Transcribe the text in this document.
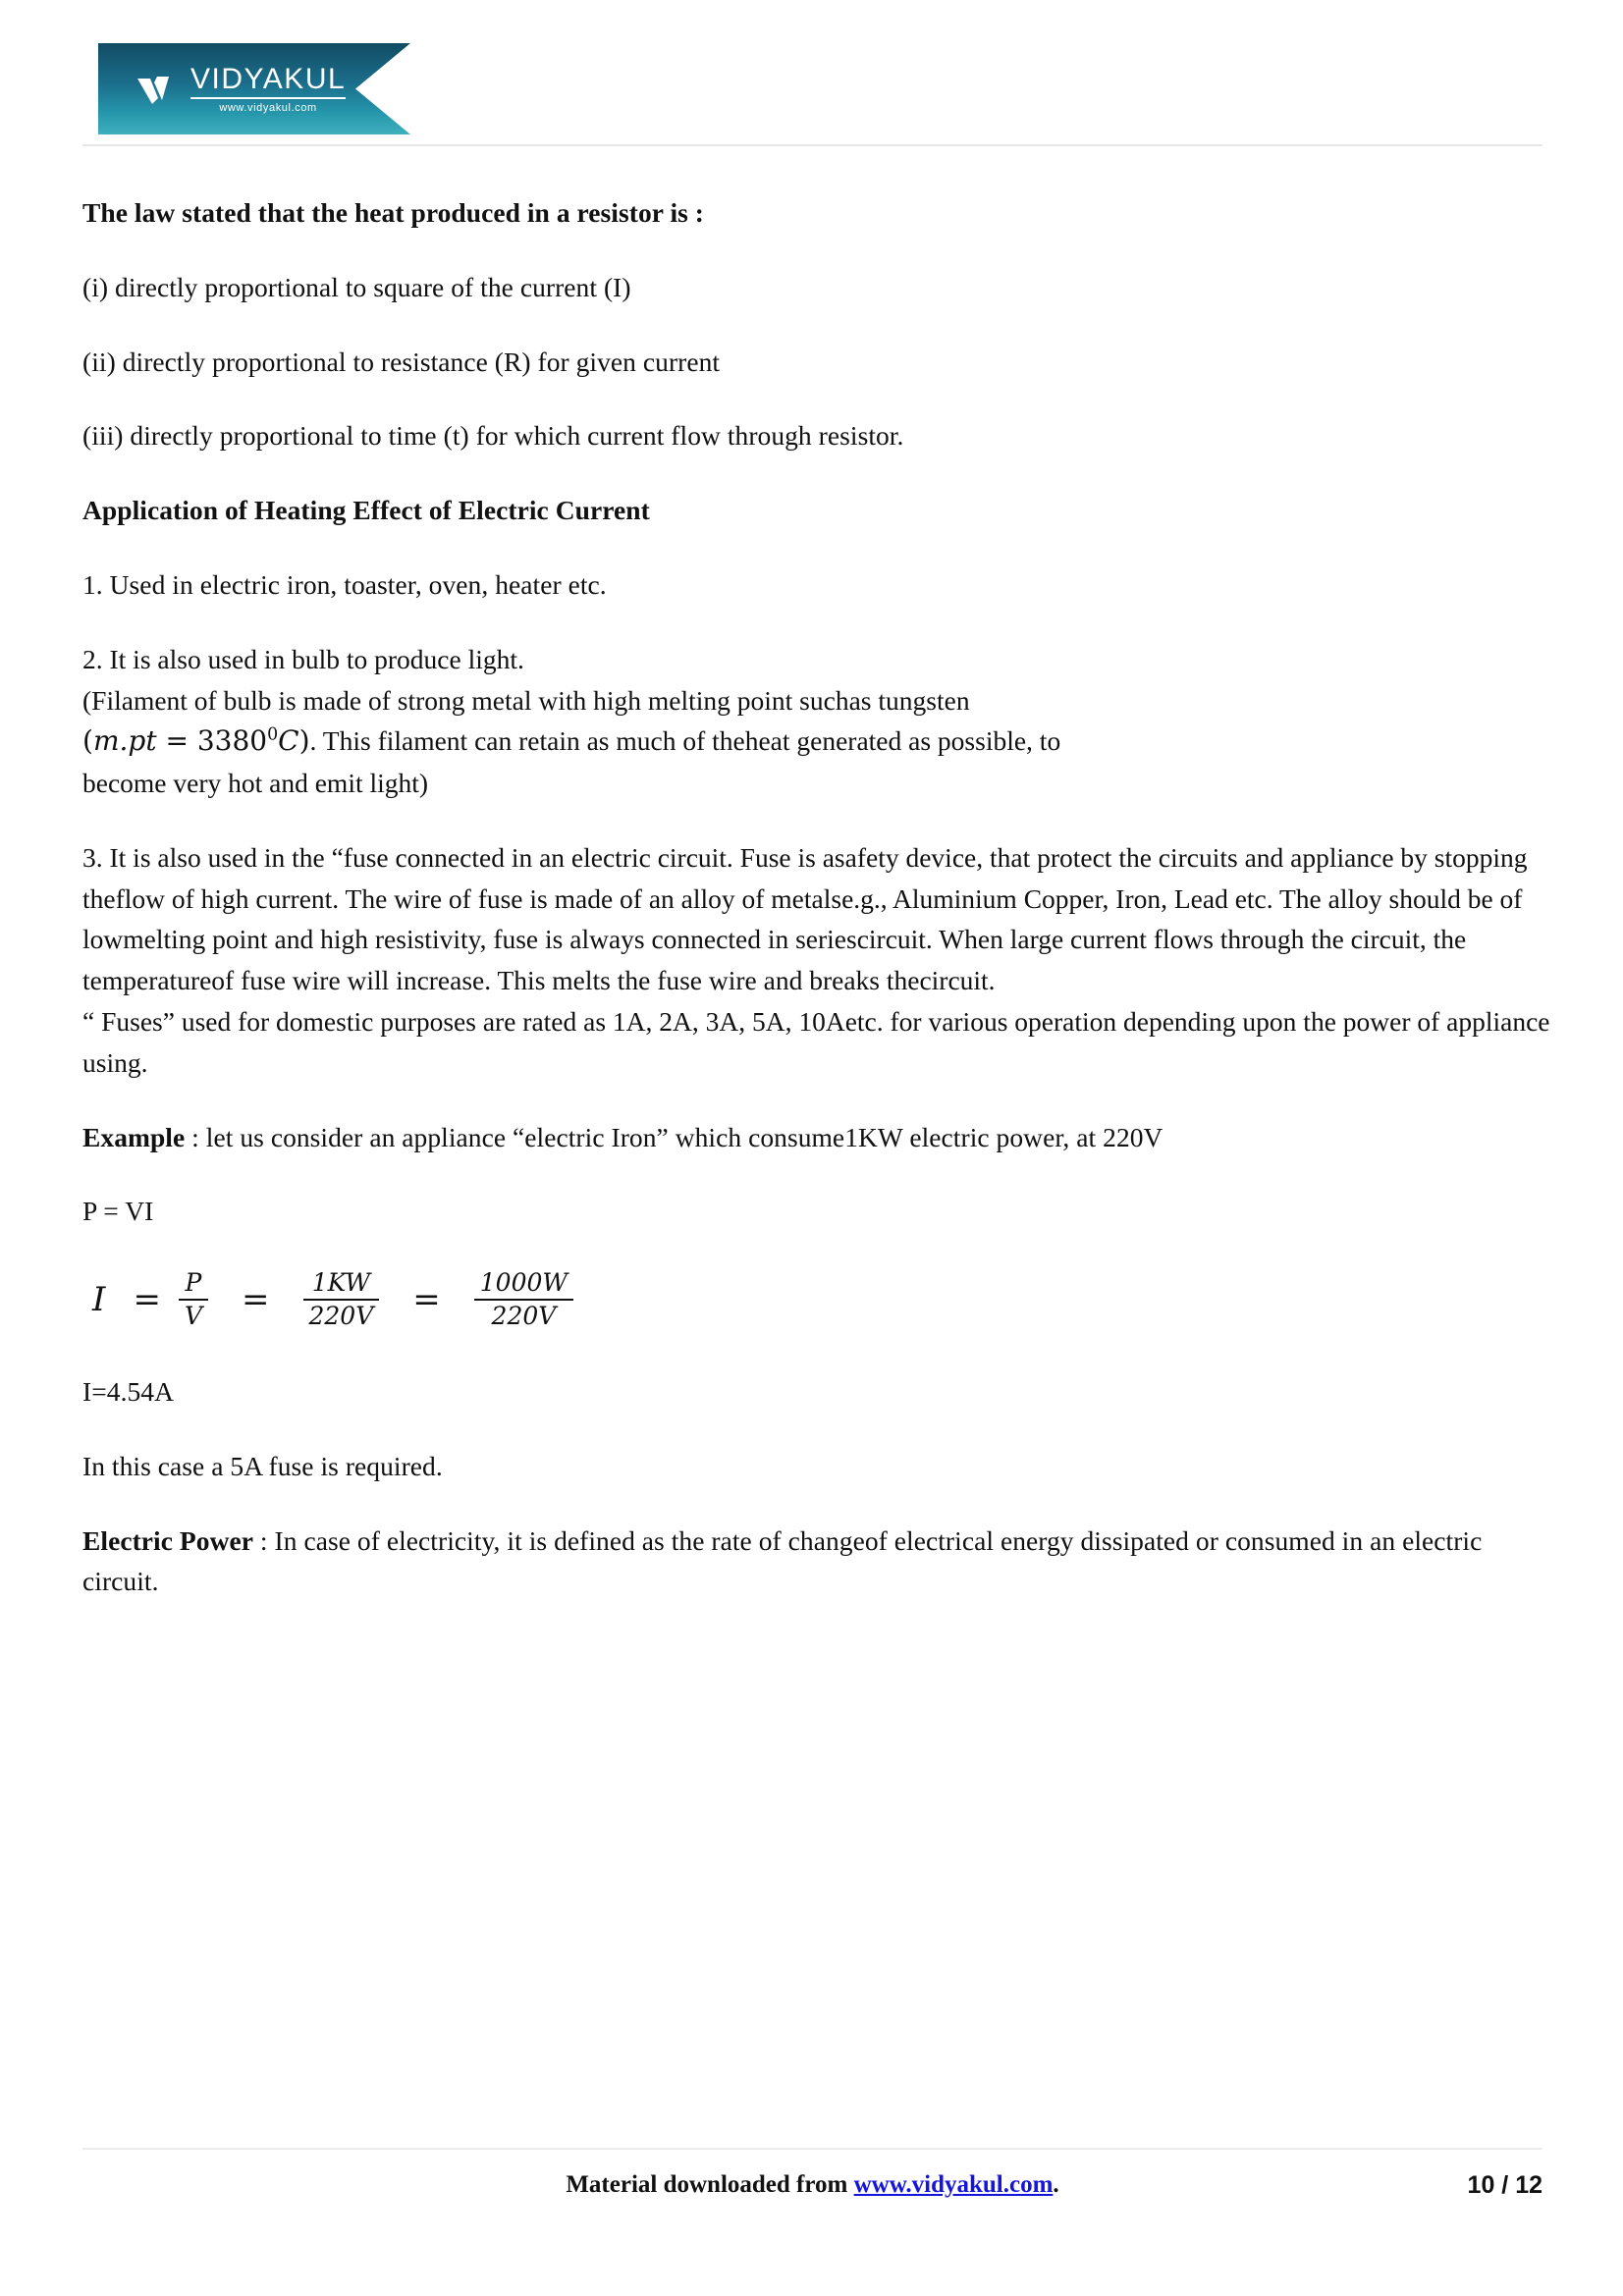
VIDYAKUL
www.vidyakul.com

The law stated that the heat produced in a resistor is :

(i) directly proportional to square of the current (I)

(ii) directly proportional to resistance (R) for given current

(iii) directly proportional to time (t) for which current flow through resistor.

Application of Heating Effect of Electric Current

1. Used in electric iron, toaster, oven, heater etc.

2. It is also used in bulb to produce light.

(Filament of bulb is made of strong metal with high melting point suchas tungsten

$(m.pt = 3380^0C)$. This filament can retain as much of theheat generated as possible, to

become very hot and emit light)

3. It is also used in the “fuse connected in an electric circuit. Fuse is asafety device, that protect the circuits and appliance by stopping theflow of high current. The wire of fuse is made of an alloy of metalse.g., Aluminium Copper, Iron, Lead etc. The alloy should be of lowmelting point and high resistivity, fuse is always connected in seriescircuit. When large current flows through the circuit, the temperatureof fuse wire will increase. This melts the fuse wire and breaks thecircuit.

“ Fuses” used for domestic purposes are rated as 1A, 2A, 3A, 5A, 10Aetc. for various operation depending upon the power of appliance using.

Example : let us consider an appliance “electric Iron” which consume1KW electric power, at 220V

P = VI

$I = \frac{P}{V} = \frac{1KW}{220V} = \frac{1000W}{220V}$

I=4.54A

In this case a 5A fuse is required.

Electric Power : In case of electricity, it is defined as the rate of changeof electrical energy dissipated or consumed in an electric circuit.

Material downloaded from www.vidyakul.com.	10 / 12
